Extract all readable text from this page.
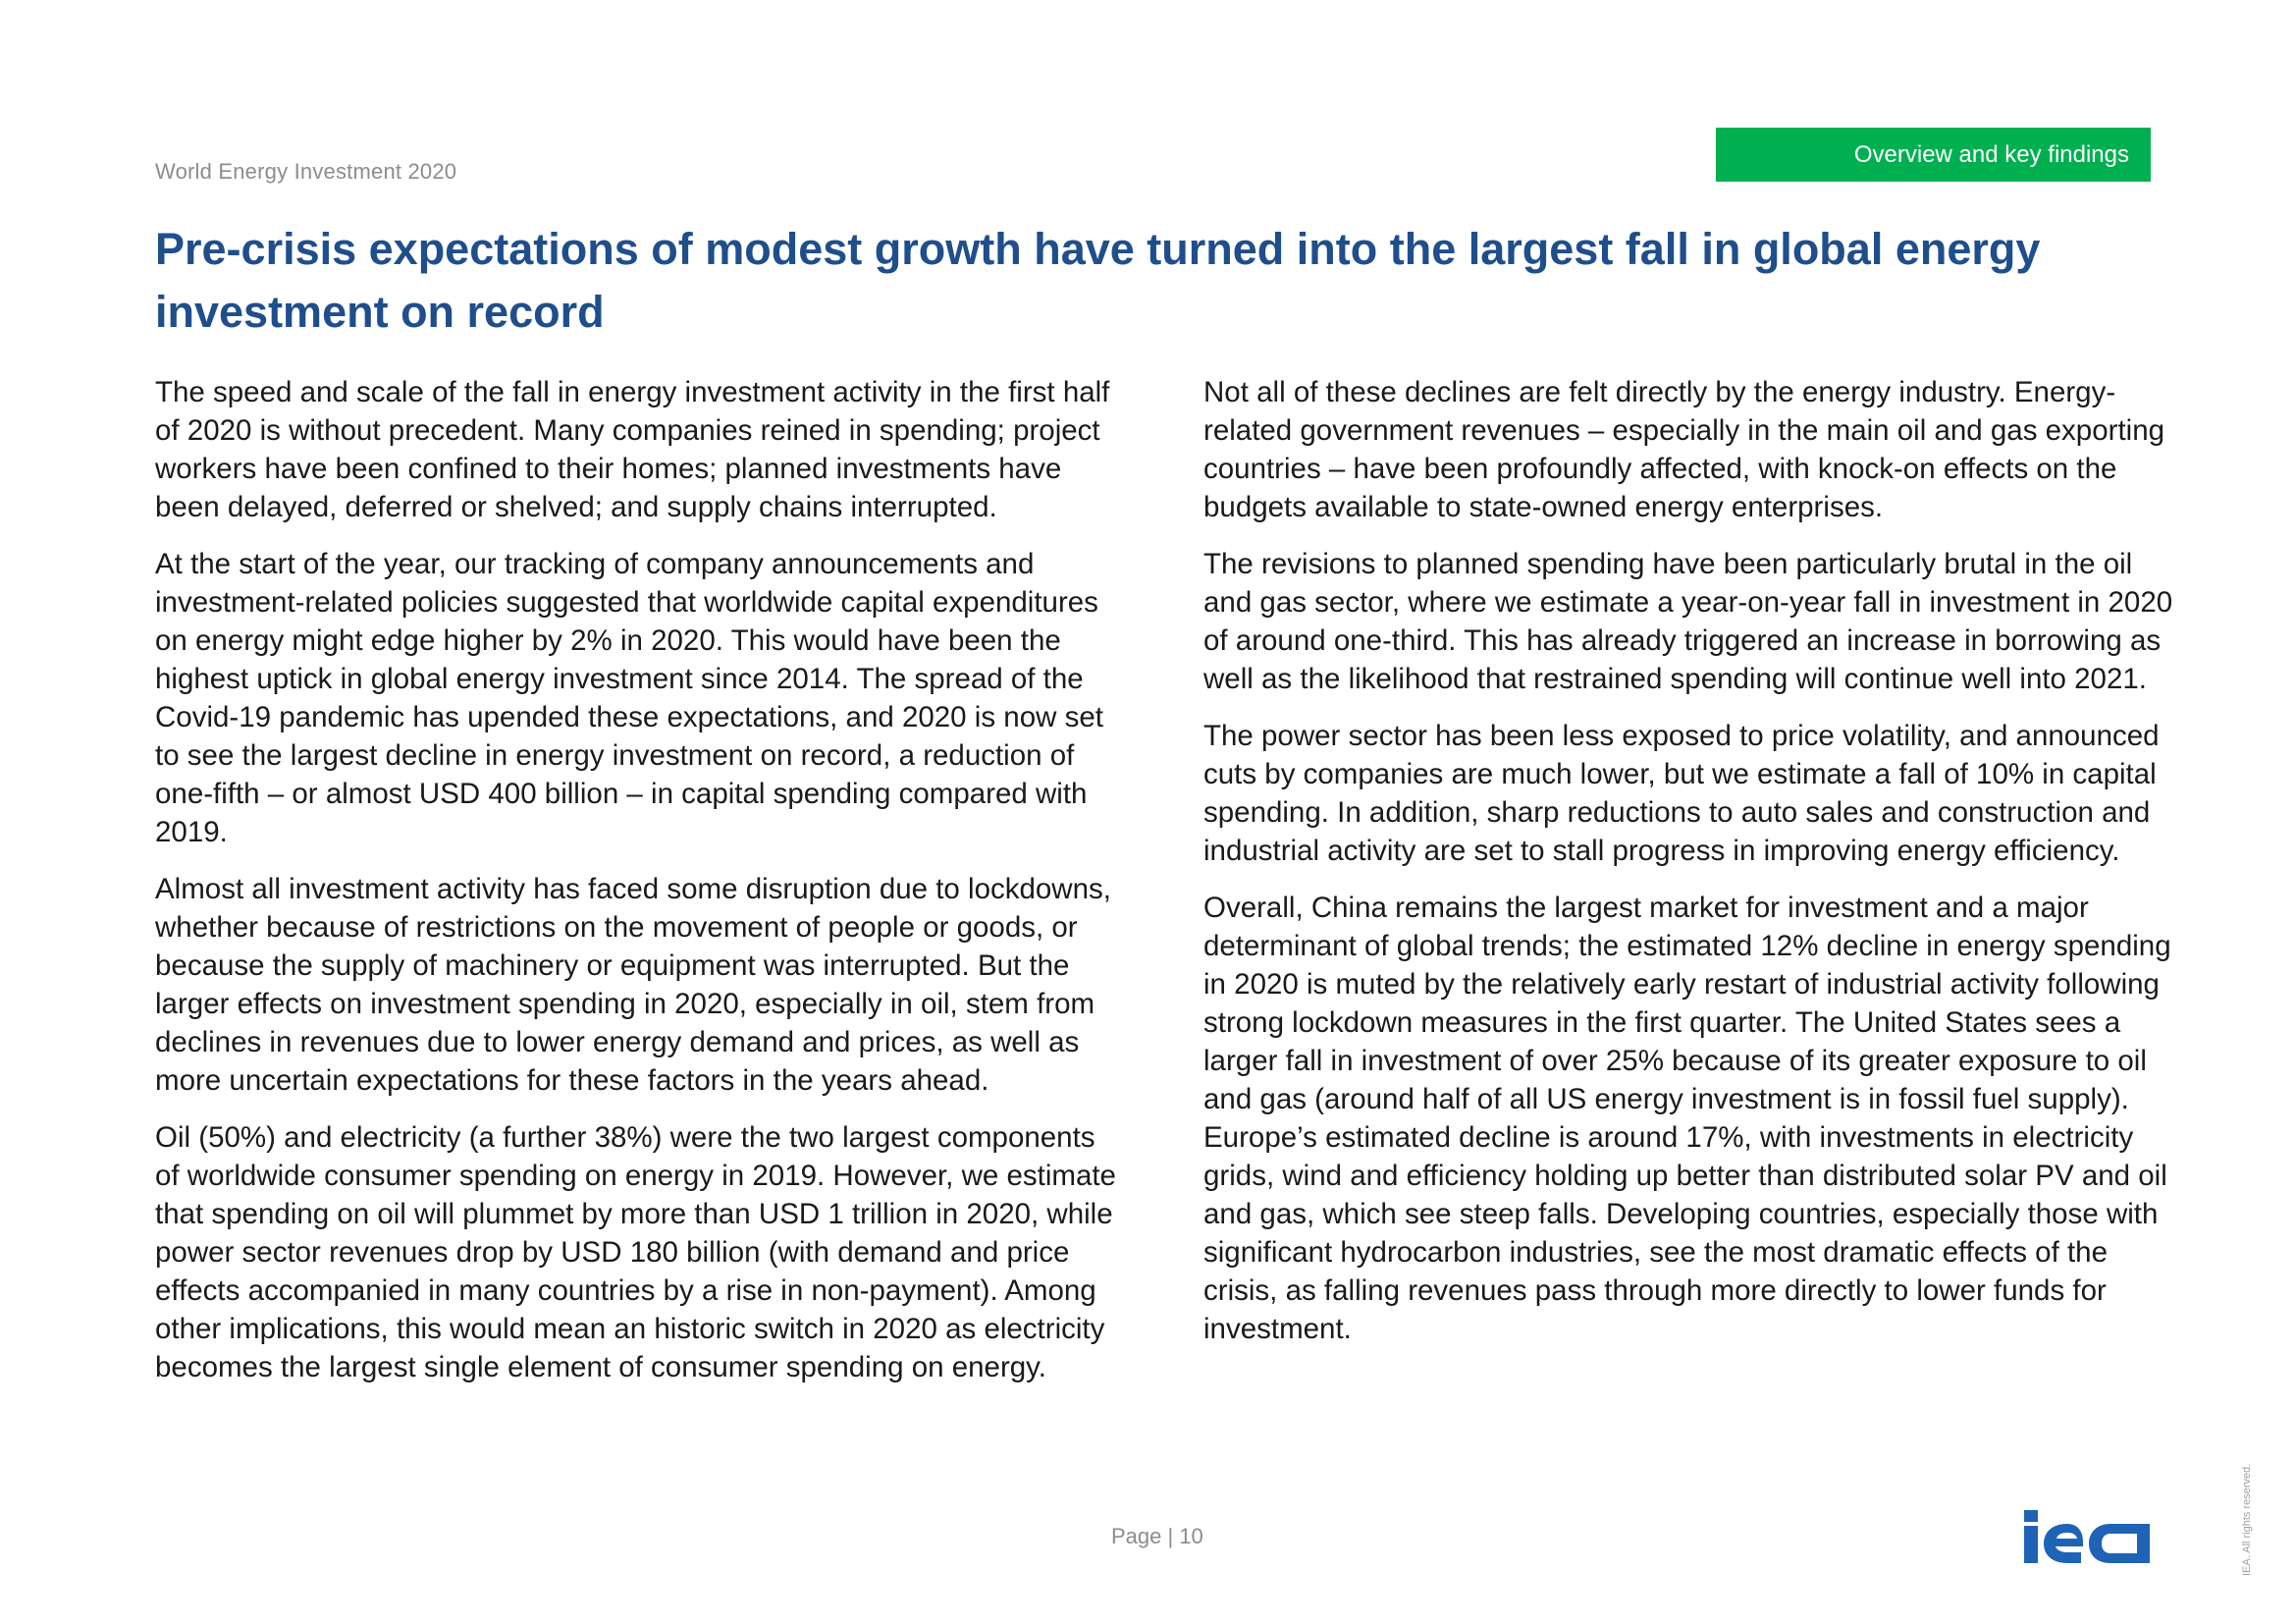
World Energy Investment 2020
Overview and key findings
Pre-crisis expectations of modest growth have turned into the largest fall in global energy investment on record

The speed and scale of the fall in energy investment activity in the first half of 2020 is without precedent. Many companies reined in spending; project workers have been confined to their homes; planned investments have been delayed, deferred or shelved; and supply chains interrupted.

At the start of the year, our tracking of company announcements and investment-related policies suggested that worldwide capital expenditures on energy might edge higher by 2% in 2020. This would have been the highest uptick in global energy investment since 2014. The spread of the Covid-19 pandemic has upended these expectations, and 2020 is now set to see the largest decline in energy investment on record, a reduction of one-fifth – or almost USD 400 billion – in capital spending compared with 2019.

Almost all investment activity has faced some disruption due to lockdowns, whether because of restrictions on the movement of people or goods, or because the supply of machinery or equipment was interrupted. But the larger effects on investment spending in 2020, especially in oil, stem from declines in revenues due to lower energy demand and prices, as well as more uncertain expectations for these factors in the years ahead.

Oil (50%) and electricity (a further 38%) were the two largest components of worldwide consumer spending on energy in 2019. However, we estimate that spending on oil will plummet by more than USD 1 trillion in 2020, while power sector revenues drop by USD 180 billion (with demand and price effects accompanied in many countries by a rise in non-payment). Among other implications, this would mean an historic switch in 2020 as electricity becomes the largest single element of consumer spending on energy.

Not all of these declines are felt directly by the energy industry. Energy-related government revenues – especially in the main oil and gas exporting countries – have been profoundly affected, with knock-on effects on the budgets available to state-owned energy enterprises.

The revisions to planned spending have been particularly brutal in the oil and gas sector, where we estimate a year-on-year fall in investment in 2020 of around one-third. This has already triggered an increase in borrowing as well as the likelihood that restrained spending will continue well into 2021.

The power sector has been less exposed to price volatility, and announced cuts by companies are much lower, but we estimate a fall of 10% in capital spending. In addition, sharp reductions to auto sales and construction and industrial activity are set to stall progress in improving energy efficiency.

Overall, China remains the largest market for investment and a major determinant of global trends; the estimated 12% decline in energy spending in 2020 is muted by the relatively early restart of industrial activity following strong lockdown measures in the first quarter. The United States sees a larger fall in investment of over 25% because of its greater exposure to oil and gas (around half of all US energy investment is in fossil fuel supply). Europe’s estimated decline is around 17%, with investments in electricity grids, wind and efficiency holding up better than distributed solar PV and oil and gas, which see steep falls. Developing countries, especially those with significant hydrocarbon industries, see the most dramatic effects of the crisis, as falling revenues pass through more directly to lower funds for investment.

Page | 10	IEA. All rights reserved.
